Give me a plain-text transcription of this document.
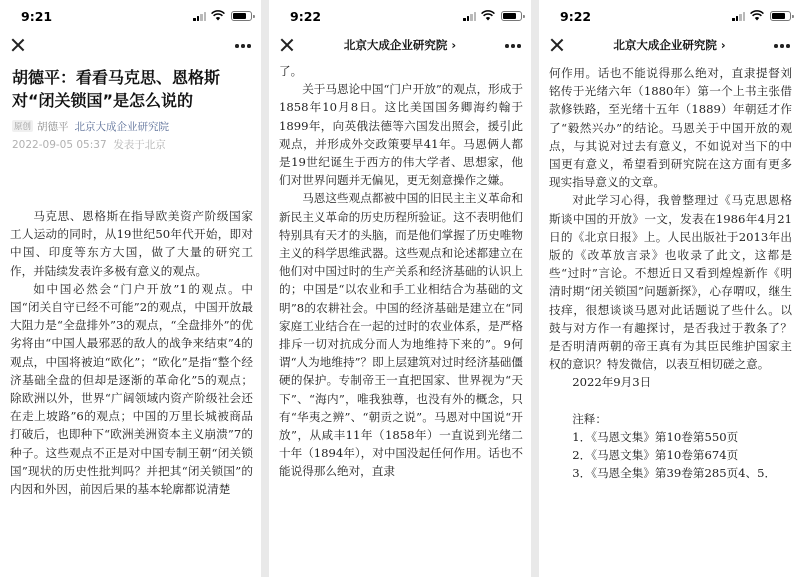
9:21
胡德平：看看马克思、恩格斯对“闭关锁国”是怎么说的
原创 胡德平 北京大成企业研究院
2022-09-05 05:37 发表于北京

马克思、恩格斯在指导欧美资产阶级国家工人运动的同时，从19世纪50年代开始，即对中国、印度等东方大国，做了大量的研究工作，并陆续发表许多极有意义的观点。

如中国必然会“门户开放”1的观点。中国“闭关自守已经不可能”2的观点，中国开放最大阻力是“全盘排外”3的观点，“全盘排外”的优劣将由“中国人最邪恶的敌人的战争来结束”4的观点，中国将被迫“欧化”；“欧化”是指“整个经济基础全盘的但却是逐渐的革命化”5的观点；除欧洲以外，世界“广阔领域内资产阶级社会还在走上坡路”6的观点；中国的万里长城被商品打破后，也即种下“欧洲美洲资本主义崩溃”7的种子。这些观点不正是对中国专制王朝“闭关锁国”现状的历史性批判吗？并把其“闭关锁国”的内因和外因，前因后果的基本轮廓都说清楚

9:22
北京大成企业研究院 ›

了。

关于马恩论中国“门户开放”的观点，形成于1858年10月8日。这比美国国务卿海约翰于1899年，向英俄法德等六国发出照会，援引此观点，并形成外交政策要早41年。马恩俩人都是19世纪诞生于西方的伟大学者、思想家，他们对世界问题并无偏见，更无刻意操作之嫌。

马恩这些观点都被中国的旧民主主义革命和新民主义革命的历史历程所验证。这不表明他们特别具有天才的头脑，而是他们掌握了历史唯物主义的科学思维武器。这些观点和论述都建立在他们对中国过时的生产关系和经济基础的认识上的；中国是“以农业和手工业相结合为基础的文明”8的农耕社会。中国的经济基础是建立在“同家庭工业结合在一起的过时的农业体系，是严格排斥一切对抗成分而人为地维持下来的”。9何谓“人为地维持”？即上层建筑对过时经济基础僵硬的保护。专制帝王一直把国家、世界视为“天下”、“海内”，唯我独尊，也没有外的概念，只有“华夷之辨”、“朝贡之说”。马恩对中国说“开放”，从咸丰11年（1858年）一直说到光绪二十年（1894年），对中国没起任何作用。话也不能说得那么绝对，直隶

9:22
北京大成企业研究院 ›

何作用。话也不能说得那么绝对，直隶提督刘铭传于光绪六年（1880年）第一个上书主张借款修铁路，至光绪十五年（1889）年朝廷才作了“毅然兴办”的结论。马恩关于中国开放的观点，与其说对过去有意义，不如说对当下的中国更有意义，希望看到研究院在这方面有更多现实指导意义的文章。

对此学习心得，我曾整理过《马克思恩格斯谈中国的开放》一文，发表在1986年4月21日的《北京日报》上。人民出版社于2013年出版的《改革放言录》也收录了此文，这都是些“过时”言论。不想近日又看到煌煌新作《明清时期“闭关锁国”问题新探》，心存喟叹，继生技痒，很想谈谈马恩对此话题说了些什么。以鼓与对方作一有趣探讨，是否我过于教条了？是否明清两朝的帝王真有为其臣民维护国家主权的意识？特发微信，以表互相切磋之意。

2022年9月3日

注释：

1．《马恩文集》第10卷第550页

2．《马恩文集》第10卷第674页

3．《马恩全集》第39卷第285页4、5．
